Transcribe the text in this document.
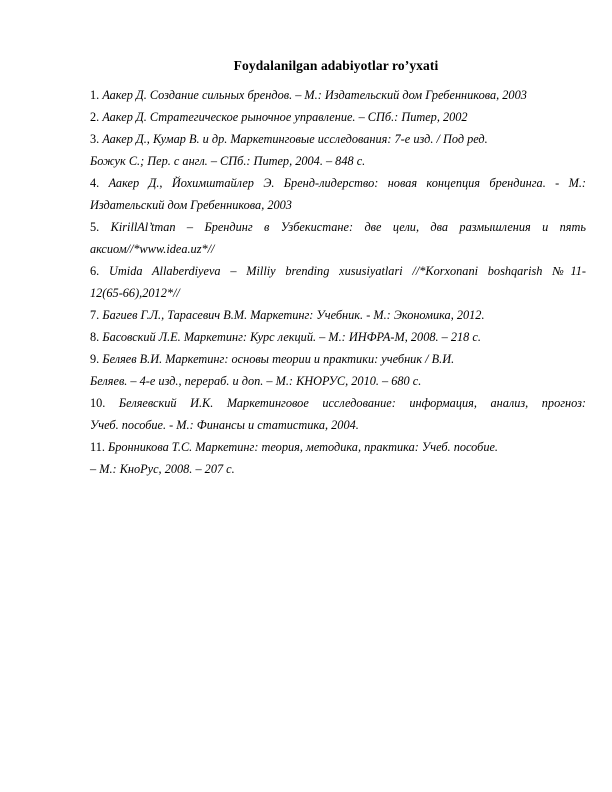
Foydalanilgan adabiyotlar ro’yxati
1. Аакер Д. Создание сильных брендов. – М.: Издательский дом Гребенникова, 2003
2. Аакер Д. Стратегическое рыночное управление. – СПб.: Питер, 2002
3. Аакер Д., Кумар В. и др. Маркетинговые исследования: 7-е изд. / Под ред.
Божук С.; Пер. с англ. – СПб.: Питер, 2004. – 848 с.
4. Аакер Д., Йохимштайлер Э. Бренд-лидерство: новая концепция брендинга. - М.:
Издательский дом Гребенникова, 2003
5. KirillAl’tman – Брендинг в Узбекистане: две цели, два размышления и пять
аксиом//*www.idea.uz*//
6. Umida Allaberdiyeva – Milliy brending xususiyatlari //*Korxonani boshqarish №11-
12(65-66),2012*//
7. Багиев Г.Л., Тарасевич В.М. Маркетинг: Учебник. - М.: Экономика, 2012.
8. Басовский Л.Е. Маркетинг: Курс лекций. – М.: ИНФРА-М, 2008. – 218 с.
9. Беляев В.И. Маркетинг: основы теории и практики: учебник / В.И.
Беляев. – 4-е изд., перераб. и доп. – М.: КНОРУС, 2010. – 680 с.
10. Беляевский И.К. Маркетинговое исследование: информация, анализ, прогноз:
Учеб. пособие. - М.: Финансы и статистика, 2004.
11. Бронникова Т.С. Маркетинг: теория, методика, практика: Учеб. пособие.
– М.: КноРус, 2008. – 207 с.
